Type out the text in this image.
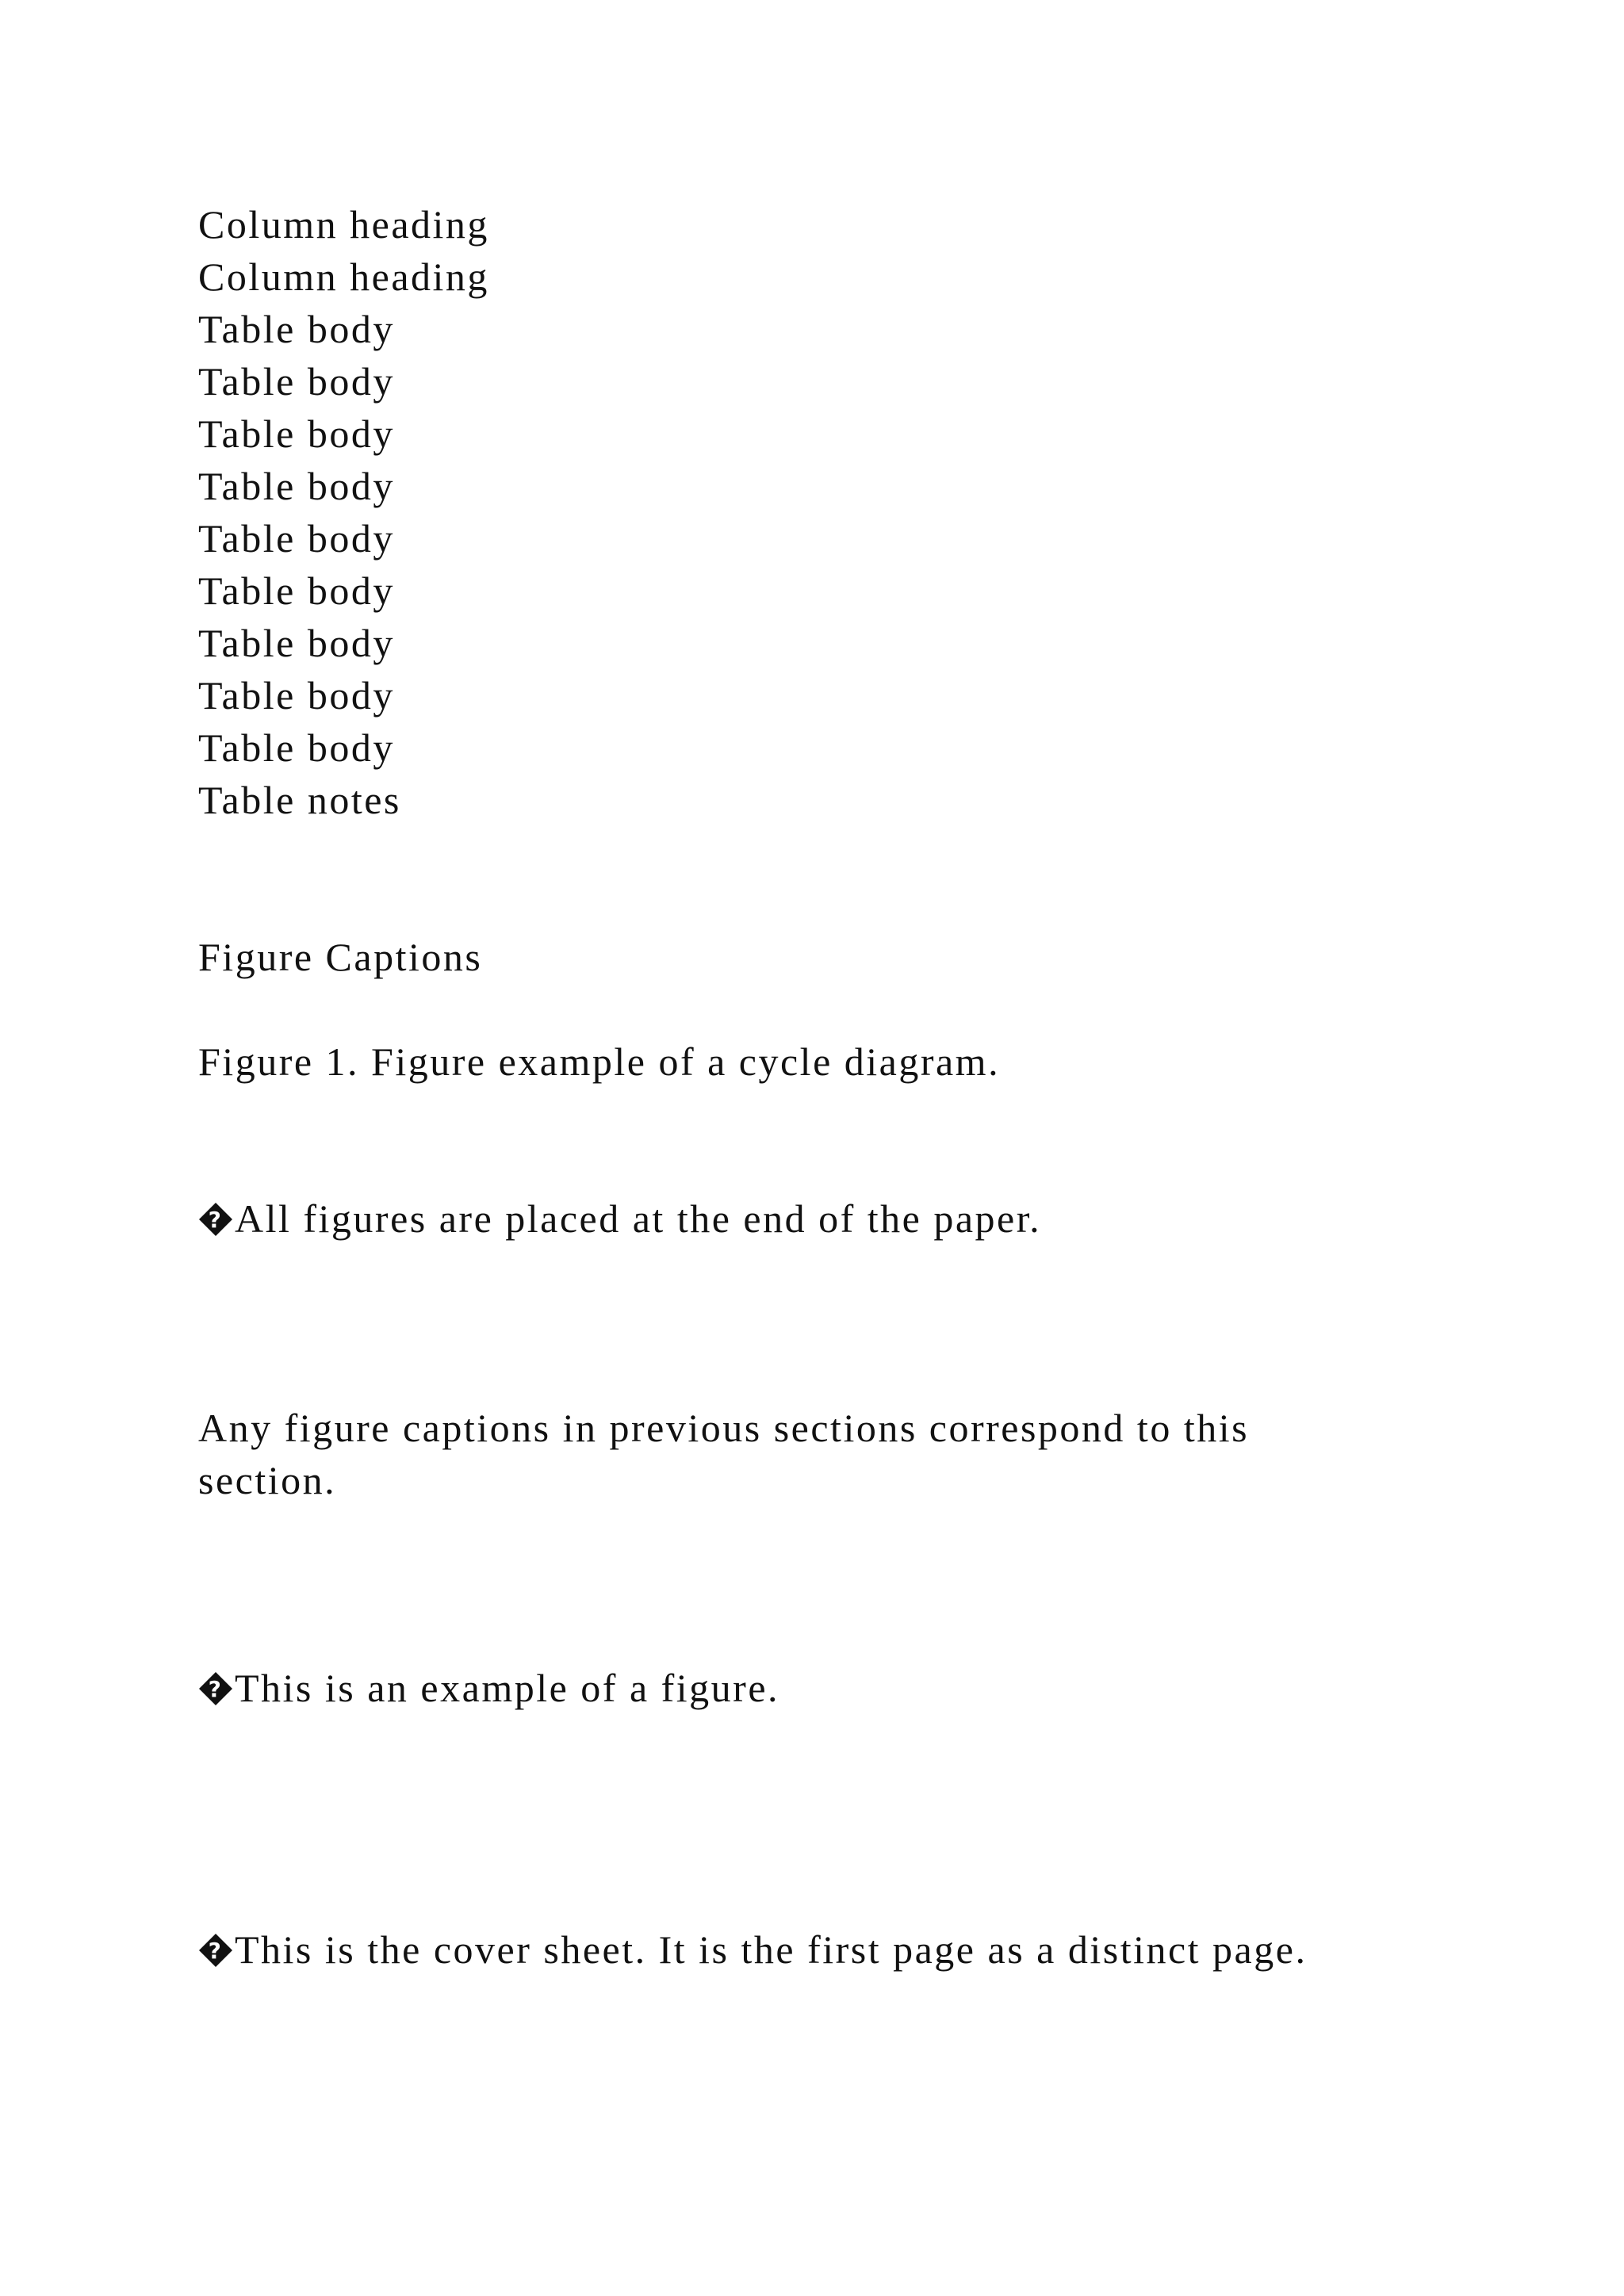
Column heading
Column heading
Table body
Table body
Table body
Table body
Table body
Table body
Table body
Table body
Table body
Table notes
Figure Captions
Figure 1. Figure example of a cycle diagram.
? All figures are placed at the end of the paper.
Any figure captions in previous sections correspond to this
section.
? This is an example of a figure.
? This is the cover sheet. It is the first page as a distinct page.
